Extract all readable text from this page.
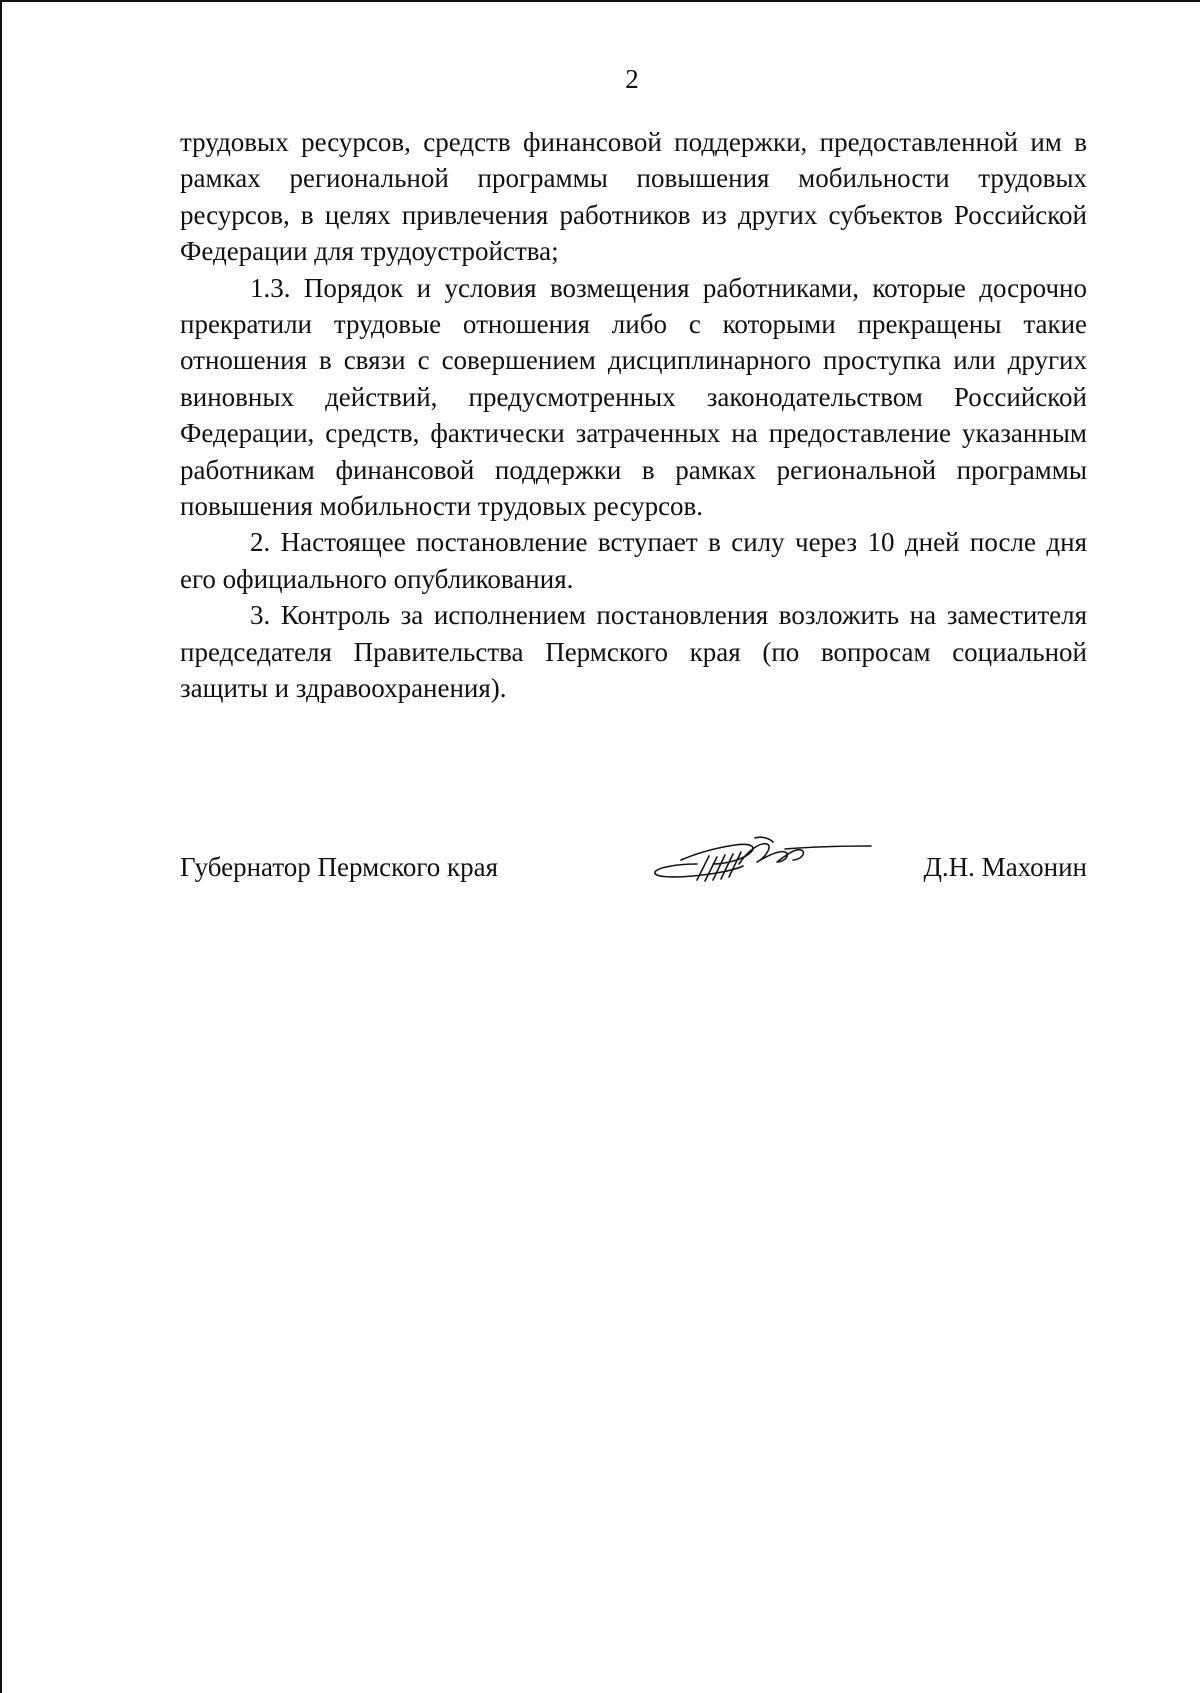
2

трудовых ресурсов, средств финансовой поддержки, предоставленной им в рамках региональной программы повышения мобильности трудовых ресурсов, в целях привлечения работников из других субъектов Российской Федерации для трудоустройства;

1.3. Порядок и условия возмещения работниками, которые досрочно прекратили трудовые отношения либо с которыми прекращены такие отношения в связи с совершением дисциплинарного проступка или других виновных действий, предусмотренных законодательством Российской Федерации, средств, фактически затраченных на предоставление указанным работникам финансовой поддержки в рамках региональной программы повышения мобильности трудовых ресурсов.

2. Настоящее постановление вступает в силу через 10 дней после дня его официального опубликования.

3. Контроль за исполнением постановления возложить на заместителя председателя Правительства Пермского края (по вопросам социальной защиты и здравоохранения).

Губернатор Пермского края	Д.Н. Махонин
